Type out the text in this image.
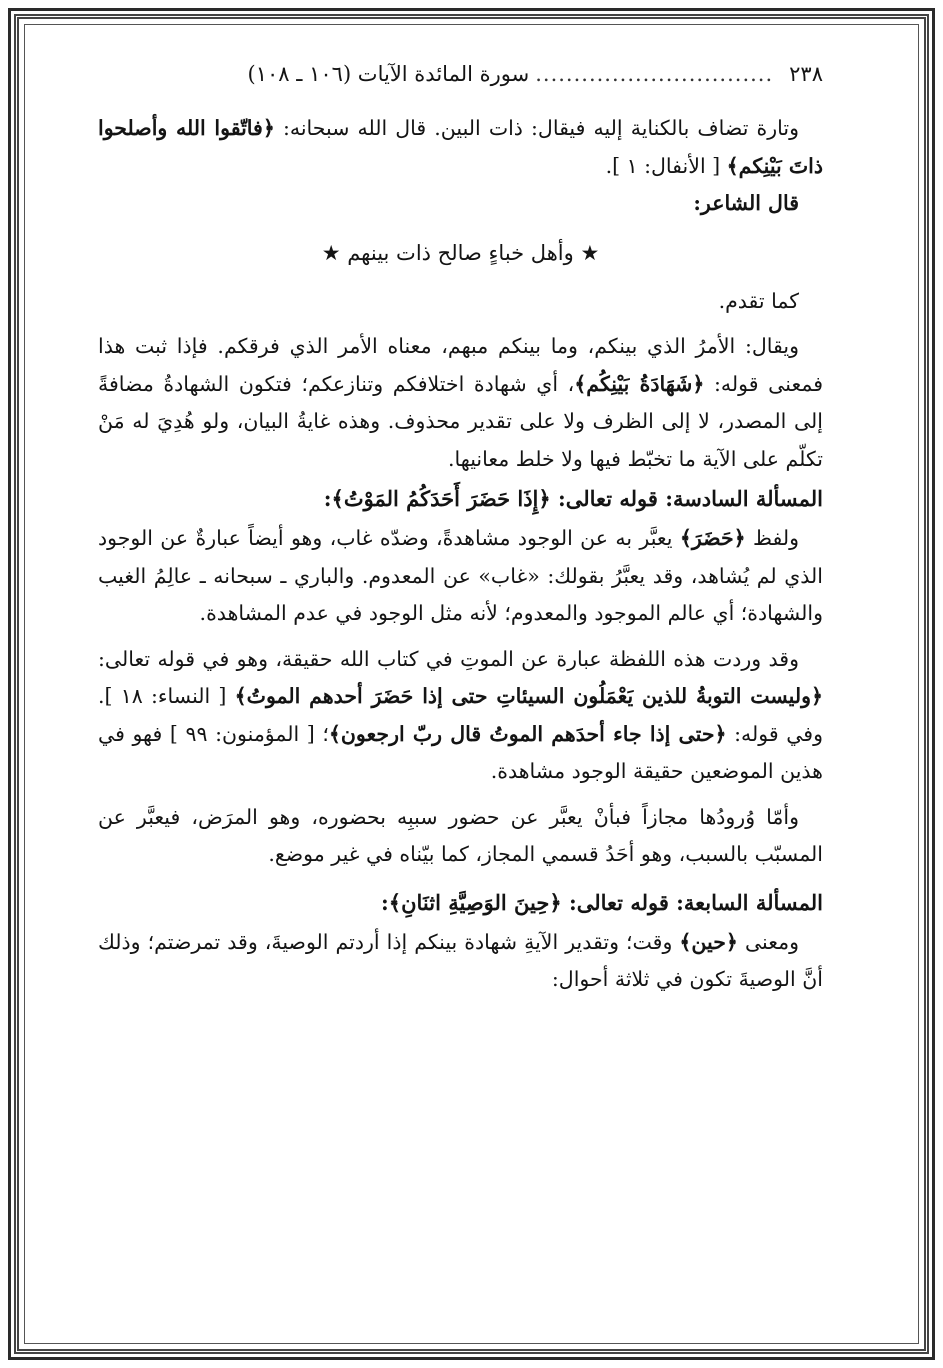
٢٣٨
...............................
سورة المائدة الآيات (١٠٦ ـ ١٠٨)

وتارة تضاف بالكناية إليه فيقال: ذات البين. قال الله سبحانه: ﴿فاتّقوا الله وأصلحوا ذاتَ بَيْنِكم﴾ [ الأنفال: ١ ].

قال الشاعر:

★ وأهل خباءٍ صالح ذات بينهم ★

كما تقدم.

ويقال: الأمرُ الذي بينكم، وما بينكم مبهم، معناه الأمر الذي فرقكم. فإذا ثبت هذا فمعنى قوله: ﴿شَهَادَةُ بَيْنِكُم﴾، أي شهادة اختلافكم وتنازعكم؛ فتكون الشهادةُ مضافةً إلى المصدر، لا إلى الظرف ولا على تقدير محذوف. وهذه غايةُ البيان، ولو هُدِيَ له مَنْ تكلّم على الآية ما تخبّط فيها ولا خلط معانيها.

المسألة السادسة: قوله تعالى: ﴿إِذَا حَضَرَ أَحَدَكُمُ المَوْتُ﴾:

ولفظ ﴿حَضَرَ﴾ يعبَّر به عن الوجود مشاهدةً، وضدّه غاب، وهو أيضاً عبارةٌ عن الوجود الذي لم يُشاهد، وقد يعبَّرُ بقولك: «غاب» عن المعدوم. والباري ـ سبحانه ـ عالِمُ الغيب والشهادة؛ أي عالم الموجود والمعدوم؛ لأنه مثل الوجود في عدم المشاهدة.

وقد وردت هذه اللفظة عبارة عن الموتِ في كتاب الله حقيقة، وهو في قوله تعالى: ﴿وليست التوبةُ للذين يَعْمَلُون السيئاتِ حتى إذا حَضَرَ أحدهم الموتُ﴾ [ النساء: ١٨ ]. وفي قوله: ﴿حتى إذا جاء أحدَهم الموتُ قال ربّ ارجعون﴾؛ [ المؤمنون: ٩٩ ] فهو في هذين الموضعين حقيقة الوجود مشاهدة.

وأمّا وُرودُها مجازاً فبأنْ يعبَّر عن حضور سببِه بحضوره، وهو المرَض، فيعبَّر عن المسبّب بالسبب، وهو أحَدُ قسمي المجاز، كما بيّناه في غير موضع.

المسألة السابعة: قوله تعالى: ﴿حِينَ الوَصِيَّةِ اثنَانِ﴾:

ومعنى ﴿حين﴾ وقت؛ وتقدير الآيةِ شهادة بينكم إذا أردتم الوصيةَ، وقد تمرضتم؛ وذلك أنَّ الوصيةَ تكون في ثلاثة أحوال:
